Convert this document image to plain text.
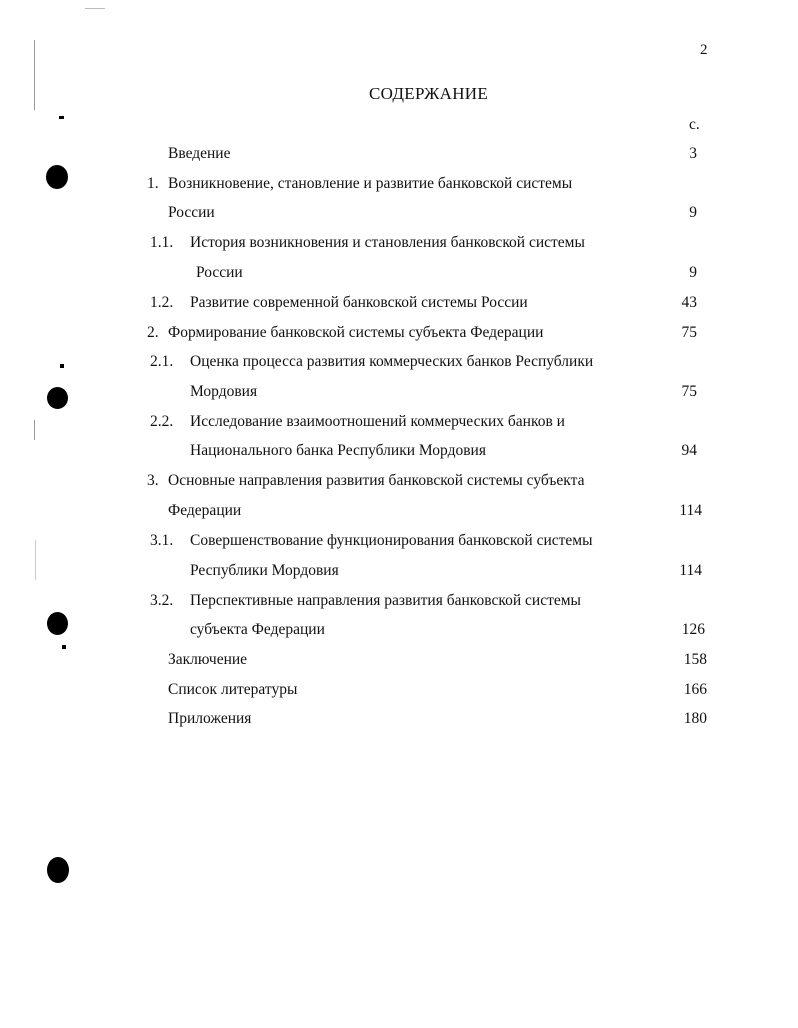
2
СОДЕРЖАНИЕ
с.
Введение	3
1. Возникновение, становление и развитие банковской системы
России	9
1.1. История возникновения и становления банковской системы
России	9
1.2. Развитие современной банковской системы России	43
2. Формирование банковской системы субъекта Федерации	75
2.1. Оценка процесса развития коммерческих банков Республики
Мордовия	75
2.2. Исследование взаимоотношений коммерческих банков и
Национального банка Республики Мордовия	94
3. Основные направления развития банковской системы субъекта
Федерации	114
3.1. Совершенствование функционирования банковской системы
Республики Мордовия	114
3.2. Перспективные направления развития банковской системы
субъекта Федерации	126
Заключение	158
Список литературы	166
Приложения	180
